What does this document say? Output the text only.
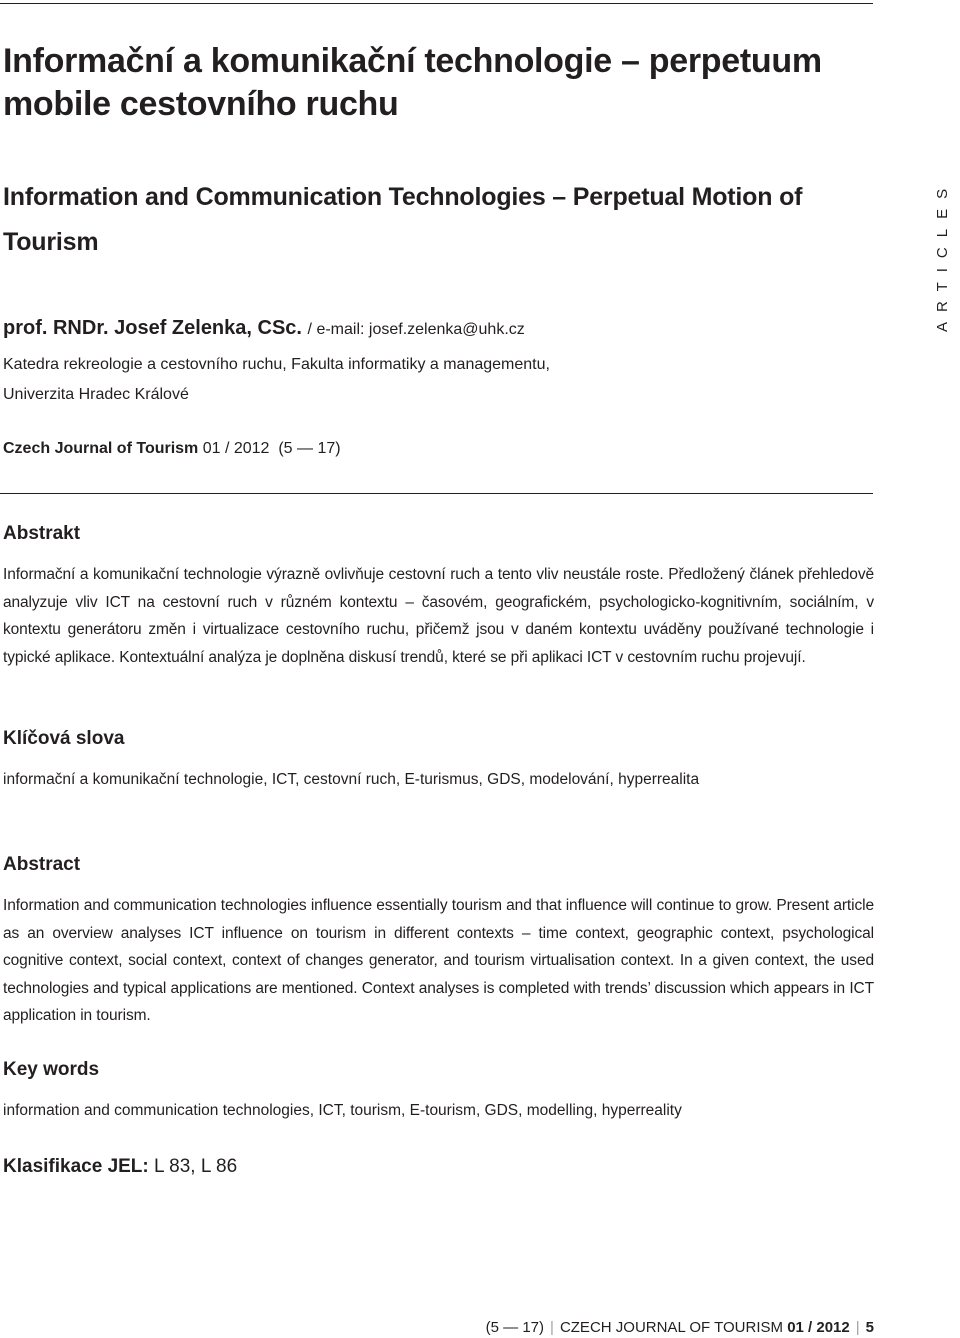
Informační a komunikační technologie – perpetuum mobile cestovního ruchu
Information and Communication Technologies – Perpetual Motion of Tourism
prof. RNDr. Josef Zelenka, CSc. / e-mail: josef.zelenka@uhk.cz
Katedra rekreologie a cestovního ruchu, Fakulta informatiky a managementu,
Univerzita Hradec Králové
Czech Journal of Tourism 01 / 2012  (5 — 17)
ARTICLES
Abstrakt
Informační a komunikační technologie výrazně ovlivňuje cestovní ruch a tento vliv neustále roste. Předložený článek přehledově analyzuje vliv ICT na cestovní ruch v různém kontextu – časovém, geografickém, psychologicko-kognitivním, sociálním, v kontextu generátoru změn i virtualizace cestovního ruchu, přičemž jsou v daném kontextu uváděny používané technologie i typické aplikace. Kontextuální analýza je doplněna diskusí trendů, které se při aplikaci ICT v cestovním ruchu projevují.
Klíčová slova
informační a komunikační technologie, ICT, cestovní ruch, E-turismus, GDS, modelování, hyperrealita
Abstract
Information and communication technologies influence essentially tourism and that influence will continue to grow. Present article as an overview analyses ICT influence on tourism in different contexts – time context, geographic context, psychological cognitive context, social context, context of changes generator, and tourism virtualisation context. In a given context, the used technologies and typical applications are mentioned. Context analyses is completed with trends’ discussion which appears in ICT application in tourism.
Key words
information and communication technologies, ICT, tourism, E-tourism, GDS, modelling, hyperreality
Klasifikace JEL: L 83, L 86
(5 — 17) | CZECH JOURNAL OF TOURISM 01 / 2012 | 5
